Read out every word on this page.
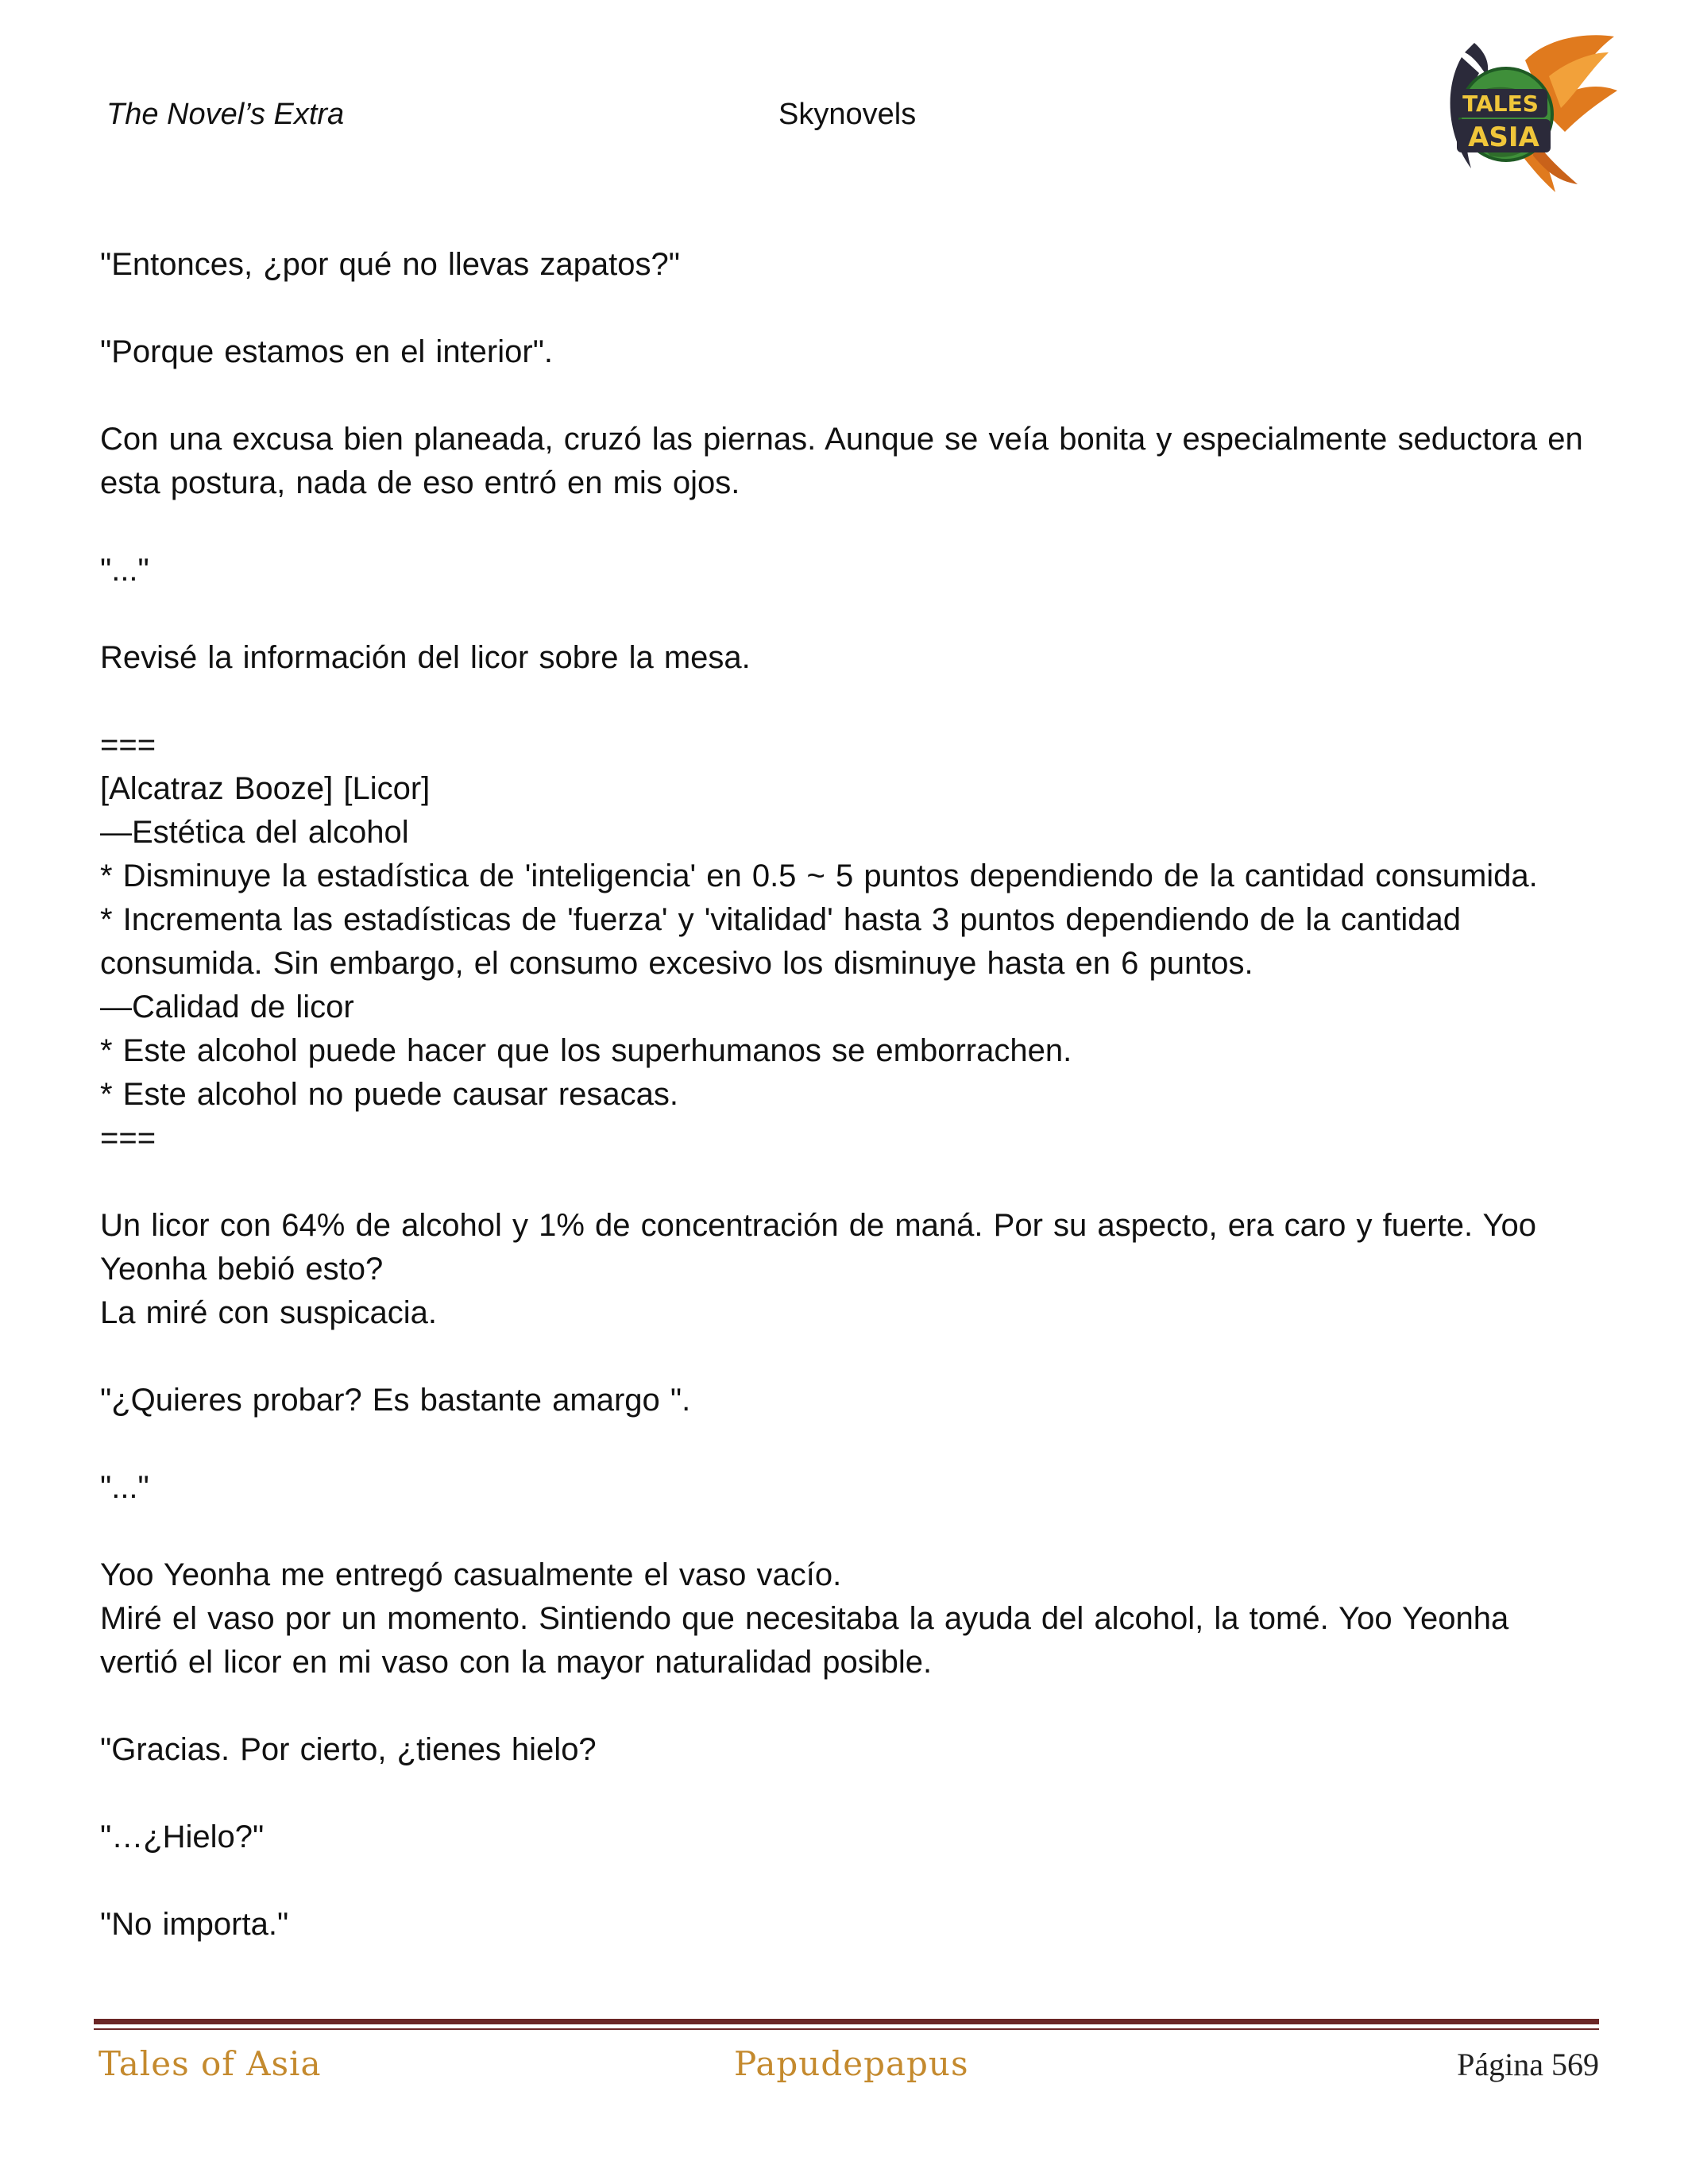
The Novel’s Extra	Skynovels	TALES
ASIA

"Entonces, ¿por qué no llevas zapatos?"

"Porque estamos en el interior".

Con una excusa bien planeada, cruzó las piernas. Aunque se veía bonita y especialmente seductora en esta postura, nada de eso entró en mis ojos.

"..."

Revisé la información del licor sobre la mesa.

===

[Alcatraz Booze] [Licor]

—Estética del alcohol

* Disminuye la estadística de 'inteligencia' en 0.5 ~ 5 puntos dependiendo de la cantidad consumida.

* Incrementa las estadísticas de 'fuerza' y 'vitalidad' hasta 3 puntos dependiendo de la cantidad consumida. Sin embargo, el consumo excesivo los disminuye hasta en 6 puntos.

—Calidad de licor

* Este alcohol puede hacer que los superhumanos se emborrachen.

* Este alcohol no puede causar resacas.

===

Un licor con 64% de alcohol y 1% de concentración de maná. Por su aspecto, era caro y fuerte. Yoo Yeonha bebió esto?

La miré con suspicacia.

"¿Quieres probar? Es bastante amargo ".

"..."

Yoo Yeonha me entregó casualmente el vaso vacío.

Miré el vaso por un momento. Sintiendo que necesitaba la ayuda del alcohol, la tomé. Yoo Yeonha vertió el licor en mi vaso con la mayor naturalidad posible.

"Gracias. Por cierto, ¿tienes hielo?

"…¿Hielo?"

"No importa."

Tales of Asia	Papudepapus	Página 569
